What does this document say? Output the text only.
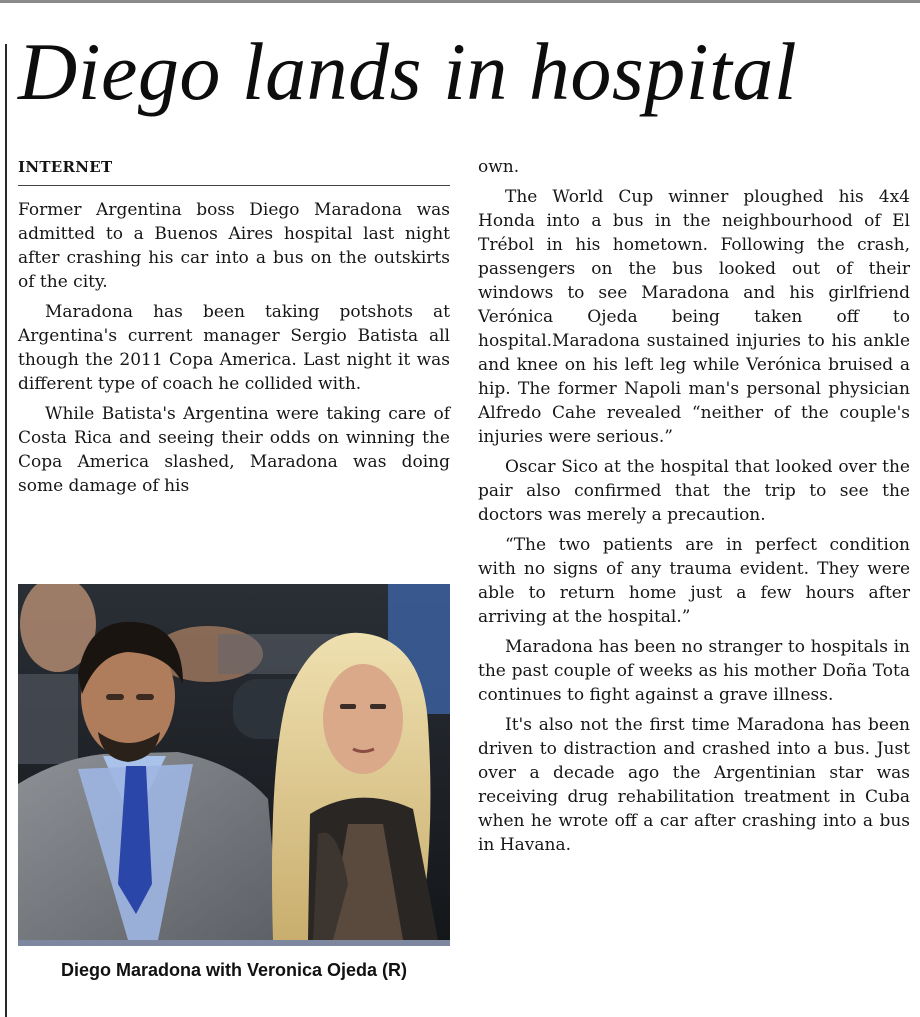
Diego lands in hospital
INTERNET

Former Argentina boss Diego Maradona was admitted to a Buenos Aires hospital last night after crashing his car into a bus on the outskirts of the city.

Maradona has been taking potshots at Argentina's current manager Sergio Batista all though the 2011 Copa America. Last night it was different type of coach he collided with.

While Batista's Argentina were taking care of Costa Rica and seeing their odds on winning the Copa America slashed, Maradona was doing some damage of his

Diego Maradona with Veronica Ojeda (R)

own.

The World Cup winner ploughed his 4x4 Honda into a bus in the neighbourhood of El Trébol in his hometown. Following the crash, passengers on the bus looked out of their windows to see Maradona and his girlfriend Verónica Ojeda being taken off to hospital.Maradona sustained injuries to his ankle and knee on his left leg while Verónica bruised a hip. The former Napoli man's personal physician Alfredo Cahe revealed “neither of the couple's injuries were serious.”

Oscar Sico at the hospital that looked over the pair also confirmed that the trip to see the doctors was merely a precaution.

“The two patients are in perfect condition with no signs of any trauma evident. They were able to return home just a few hours after arriving at the hospital.”

Maradona has been no stranger to hospitals in the past couple of weeks as his mother Doña Tota continues to fight against a grave illness.

It's also not the first time Maradona has been driven to distraction and crashed into a bus. Just over a decade ago the Argentinian star was receiving drug rehabilitation treatment in Cuba when he wrote off a car after crashing into a bus in Havana.
